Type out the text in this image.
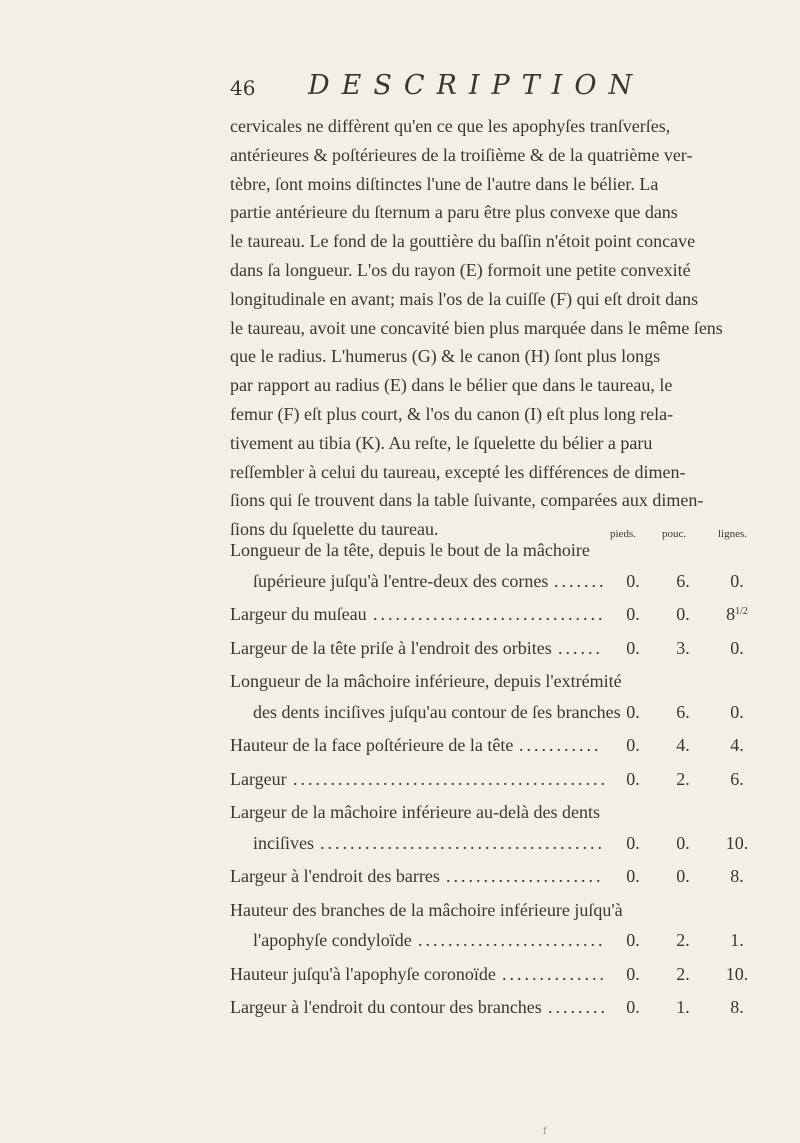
46 DESCRIPTION

cervicales ne diffèrent qu'en ce que les apophyſes tranſverſes,

antérieures & poſtérieures de la troiſième & de la quatrième ver-

tèbre, ſont moins diſtinctes l'une de l'autre dans le bélier. La

partie antérieure du ſternum a paru être plus convexe que dans

le taureau. Le fond de la gouttière du baſſin n'étoit point concave

dans ſa longueur. L'os du rayon (E) formoit une petite convexité

longitudinale en avant; mais l'os de la cuiſſe (F) qui eſt droit dans

le taureau, avoit une concavité bien plus marquée dans le même ſens

que le radius. L'humerus (G) & le canon (H) ſont plus longs

par rapport au radius (E) dans le bélier que dans le taureau, le

femur (F) eſt plus court, & l'os du canon (I) eſt plus long rela-

tivement au tibia (K). Au reſte, le ſquelette du bélier a paru

reſſembler à celui du taureau, excepté les différences de dimen-

ſions qui ſe trouvent dans la table ſuivante, comparées aux dimen-

ſions du ſquelette du taureau.	pieds. pouc.	lignes.
Longueur de la tête, depuis le bout de la mâchoire
ſupérieure juſqu'à l'entre-deux des cornes	0.	6.	0.
.......
Largeur du muſeau	0.	0.	$8^{1/2}$
...............................
Largeur de la tête priſe à l'endroit des orbites	0.	3.	0.
......
Longueur de la mâchoire inférieure, depuis l'extrémité
des dents inciſives juſqu'au contour de ſes branches 0.	6.	0.
Hauteur de la face poſtérieure de la tête	0.	4.	4.
...........
Largeur	0.	2.	6.
..........................................
Largeur de la mâchoire inférieure au-delà des dents
inciſives	0.	0.	10.
......................................
Largeur à l'endroit des barres	0.	0.	8.
.....................
Hauteur des branches de la mâchoire inférieure juſqu'à
l'apophyſe condyloïde	0.	2.	1.
.........................
Hauteur juſqu'à l'apophyſe coronoïde	0.	2.	10.
..............
Largeur à l'endroit du contour des branches	0.	1.	8.
........
f
